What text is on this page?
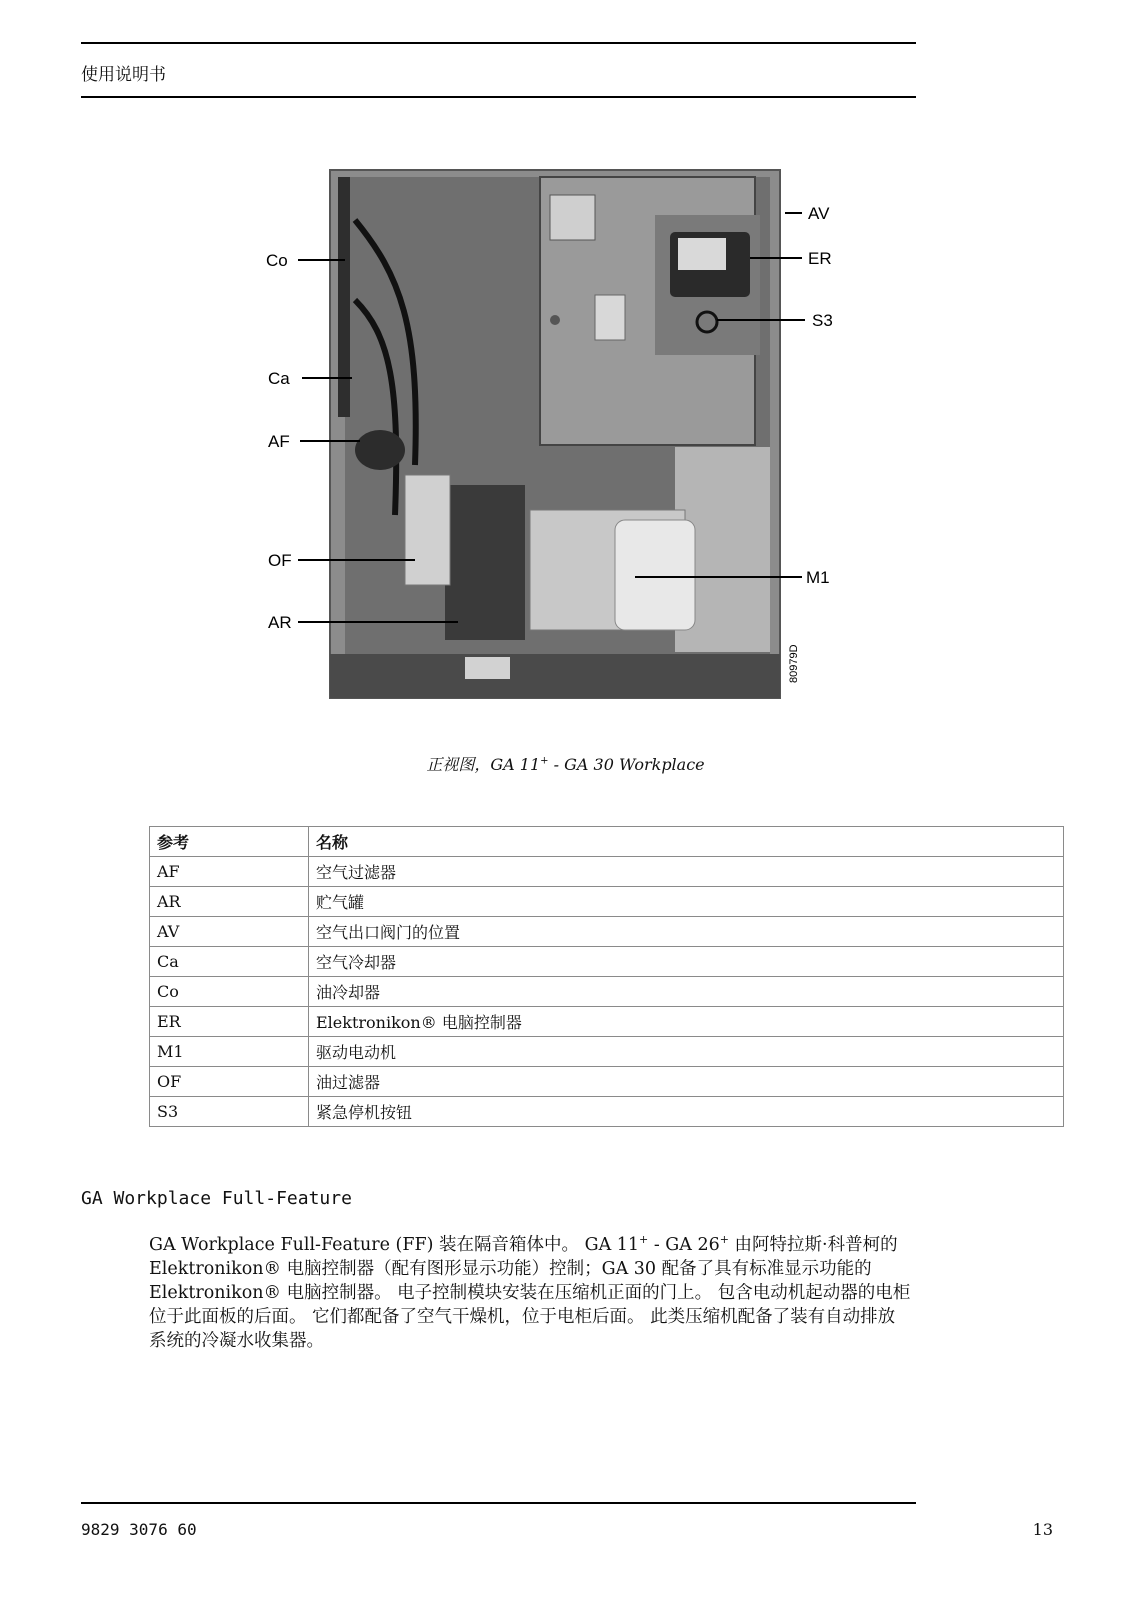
使用说明书
Co
Ca
AF
OF
AR
AV
ER
S3
M1
80979D
正视图，GA 11+ - GA 30 Workplace
参考	名称
AF	空气过滤器
AR	贮气罐
AV	空气出口阀门的位置
Ca	空气冷却器
Co	油冷却器
ER	Elektronikon® 电脑控制器
M1	驱动电动机
OF	油过滤器
S3	紧急停机按钮
GA Workplace Full-Feature
GA Workplace Full-Feature (FF) 装在隔音箱体中。 GA 11+ - GA 26+ 由阿特拉斯·科普柯的
Elektronikon® 电脑控制器（配有图形显示功能）控制；GA 30 配备了具有标准显示功能的
Elektronikon® 电脑控制器。 电子控制模块安装在压缩机正面的门上。 包含电动机起动器的电柜
位于此面板的后面。 它们都配备了空气干燥机，位于电柜后面。 此类压缩机配备了装有自动排放
系统的冷凝水收集器。
9829 3076 60	13
